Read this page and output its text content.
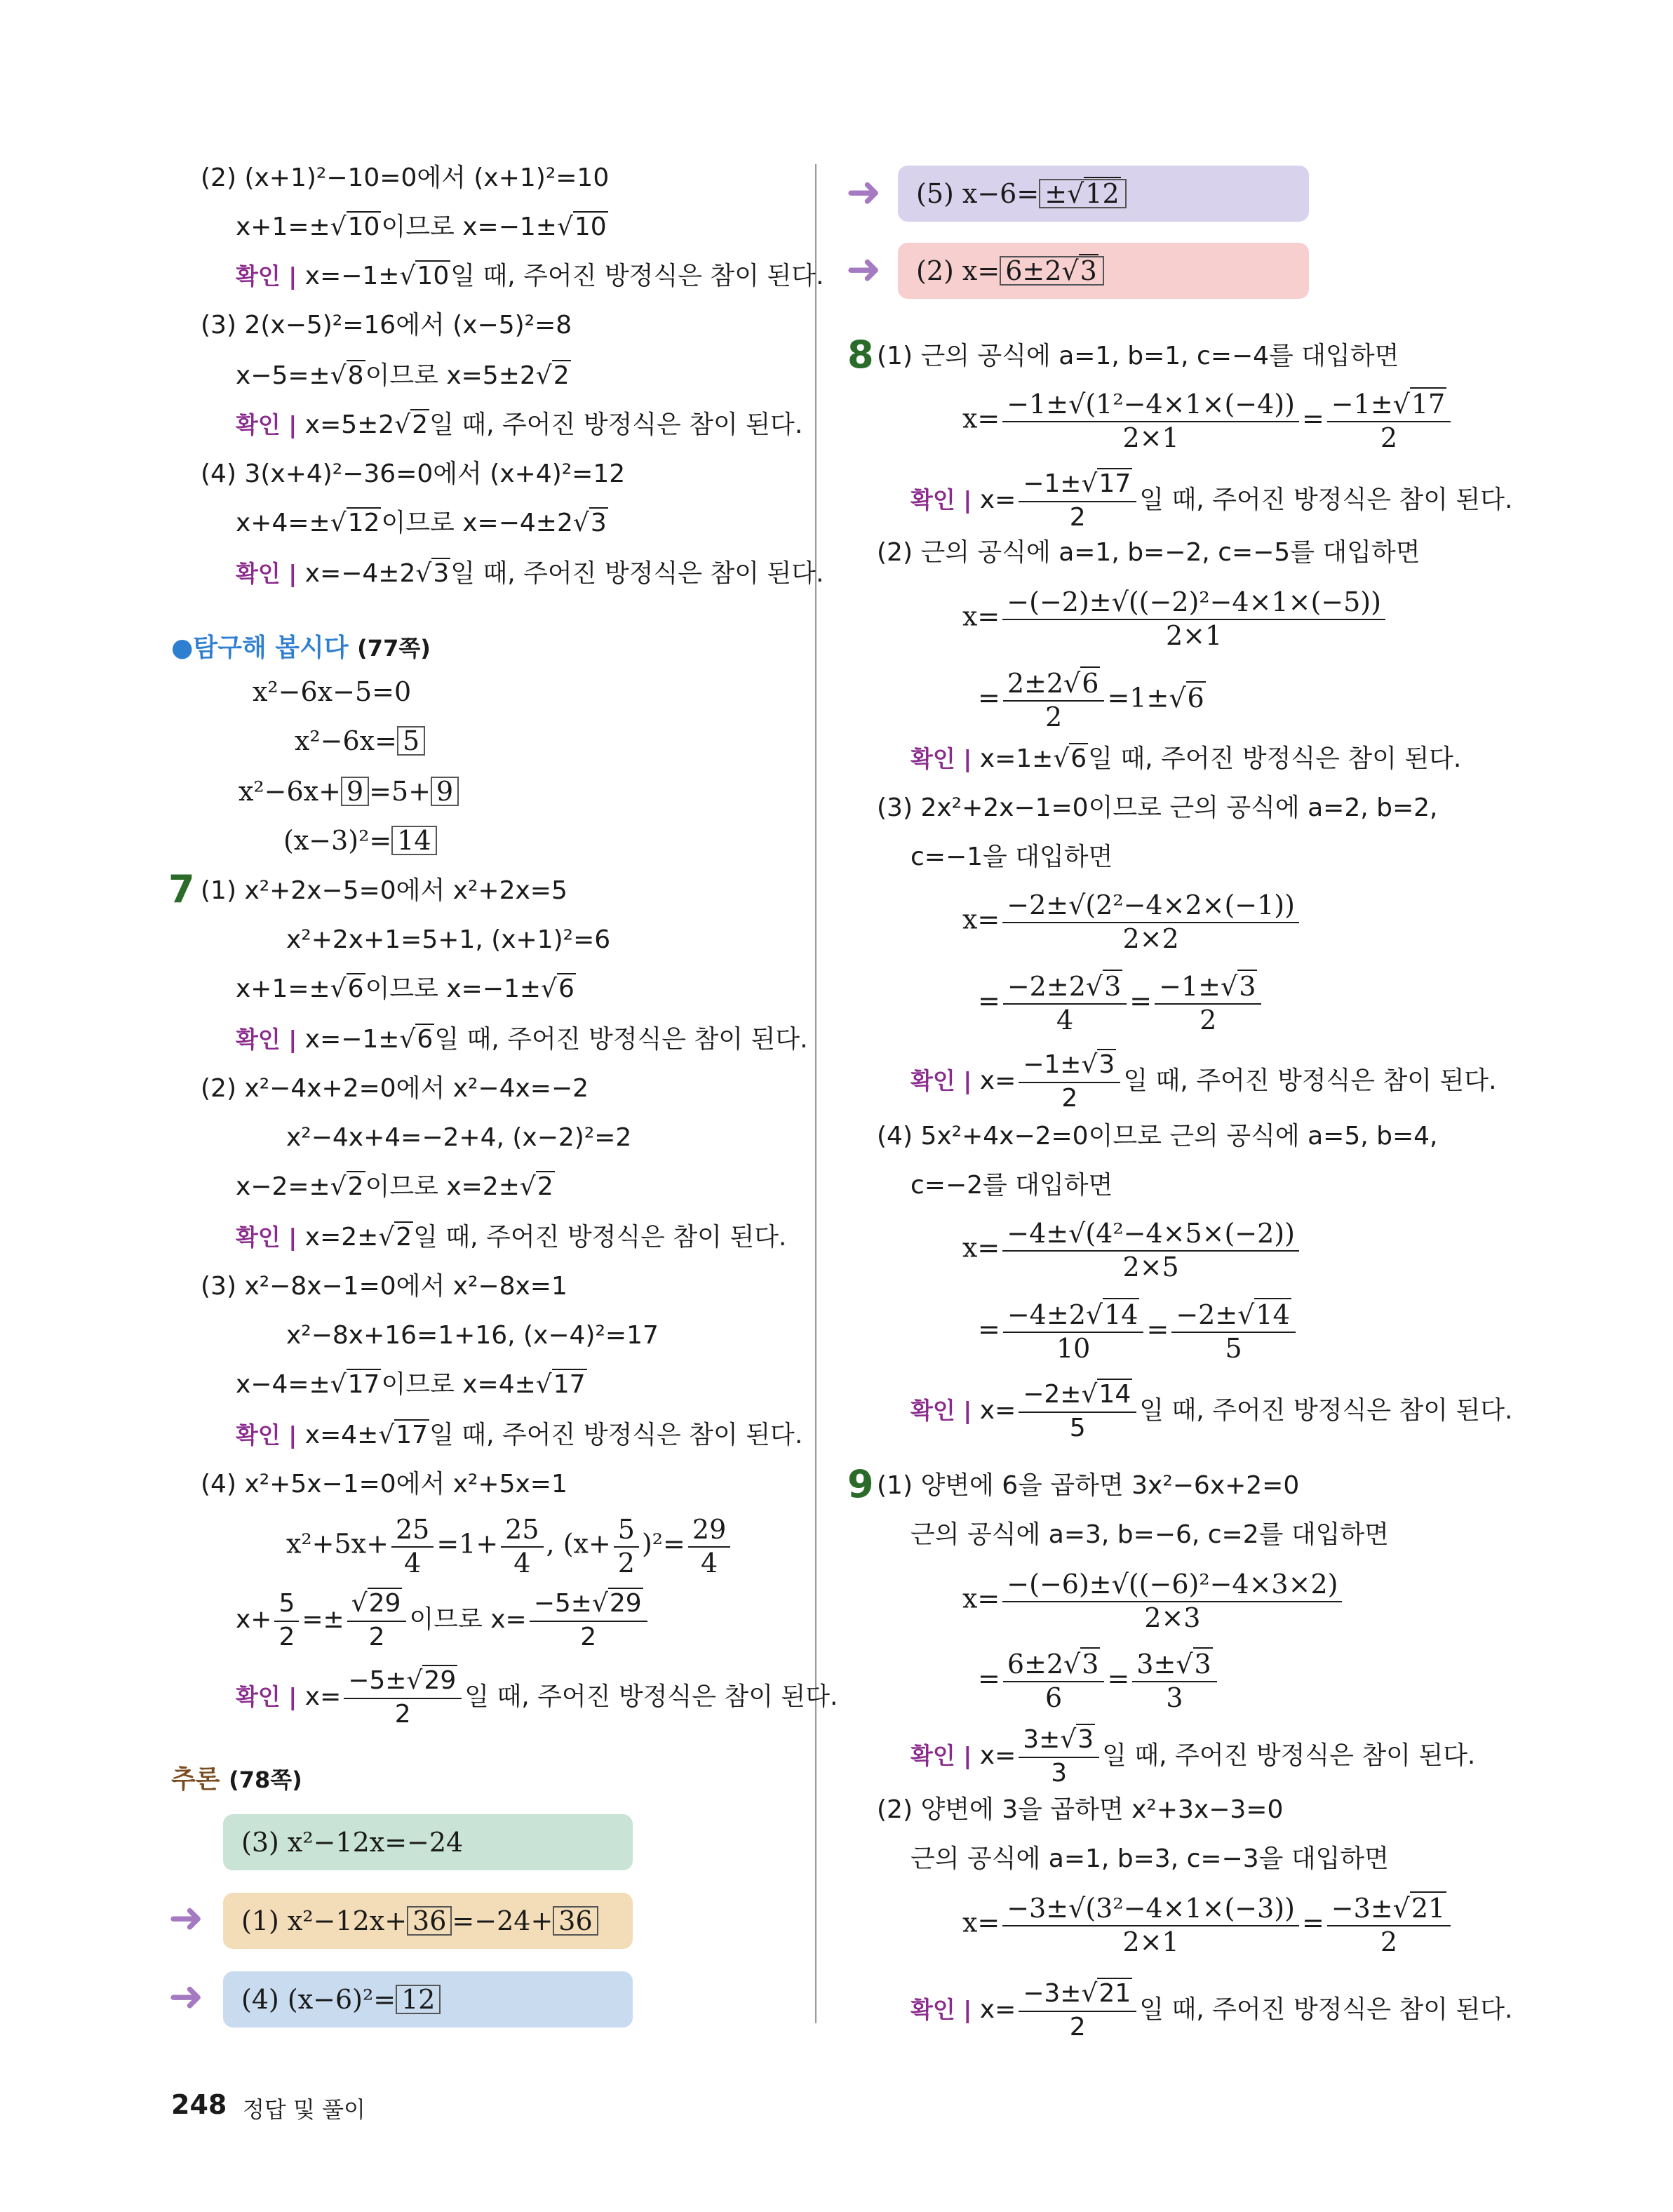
(2) (x+1)²−10=0에서 (x+1)²=10
x+1=±√ 10이므로 x=−1±√ 10
확인 | x=−1±√ 10일 때, 주어진 방정식은 참이 된다.
(3) 2(x−5)²=16에서 (x−5)²=8
x−5=±√ 8이므로 x=5±2√ 2
확인 | x=5±2√ 2일 때, 주어진 방정식은 참이 된다.
(4) 3(x+4)²−36=0에서 (x+4)²=12
x+4=±√ 12이므로 x=−4±2√ 3
확인 | x=−4±2√ 3일 때, 주어진 방정식은 참이 된다.
●탐구해 봅시다 (77쪽)
x²−6x−5=0
x²−6x= 5
x²−6x+ 9 =5+ 9
(x−3)²= 14
7 (1) x²+2x−5=0에서 x²+2x=5
x²+2x+1=5+1, (x+1)²=6
x+1=±√ 6이므로 x=−1±√ 6
확인 | x=−1±√ 6일 때, 주어진 방정식은 참이 된다.
(2) x²−4x+2=0에서 x²−4x=−2
x²−4x+4=−2+4, (x−2)²=2
x−2=±√ 2이므로 x=2±√ 2
확인 | x=2±√ 2일 때, 주어진 방정식은 참이 된다.
(3) x²−8x−1=0에서 x²−8x=1
x²−8x+16=1+16, (x−4)²=17
x−4=±√ 17이므로 x=4±√ 17
확인 | x=4±√ 17일 때, 주어진 방정식은 참이 된다.
(4) x²+5x−1=0에서 x²+5x=1
$x^2+5x+ \frac{25}{4} =1+ \frac{25}{4}$ , $(x+ \frac{5}{2} )^2= \frac{29}{4}$
$x+ \frac{5}{2}$ =±
√ $\frac{29}{2}$ 이므로 $x= \frac{-5\pm√ 29}{2}$
확인 | $x= \frac{-5\pm√ 29}{2}$ 일 때, 주어진 방정식은 참이 된다.
추론 (78쪽)
(3) x²−12x=−24
➜ (1) x²−12x+ 36 =−24+ 36
➜ (4) (x−6)²= 12
248 정답 및 풀이
➜ (5) x−6= ±√ 12
➜ (2) x= 6±2√ 3
8 (1) 근의 공식에 a=1, b=1, c=−4를 대입하면
$x= \frac{\text{−1±√(1²−4×1×(−4))}}{2\times 1} = \frac{-1\pm√ 17}{2}$
확인 | $x= \frac{-1\pm√ 17}{2}$ 일 때, 주어진 방정식은 참이 된다.
(2) 근의 공식에 a=1, b=−2, c=−5를 대입하면
$x= \frac{\text{−(−2)±√((−2)²−4×1×(−5))}}{2\times 1}$
= $\frac{2\pm 2√ 6}{2} =1\pm√$ 6
확인 | x=1±√ 6일 때, 주어진 방정식은 참이 된다.
(3) 2x²+2x−1=0이므로 근의 공식에 a=2, b=2,
c=−1을 대입하면
$x= \frac{\text{−2±√(2²−4×2×(−1))}}{2\times 2}$
= $\frac{-2\pm 2√ 3}{4} = \frac{-1\pm√ 3}{2}$
확인 | $x= \frac{-1\pm√ 3}{2}$ 일 때, 주어진 방정식은 참이 된다.
(4) 5x²+4x−2=0이므로 근의 공식에 a=5, b=4,
c=−2를 대입하면
$x= \frac{\text{−4±√(4²−4×5×(−2))}}{2\times 5}$
= $\frac{-4\pm 2√ 14}{10} = \frac{-2\pm√ 14}{5}$
확인 | $x= \frac{-2\pm√ 14}{5}$ 일 때, 주어진 방정식은 참이 된다.
9 (1) 양변에 6을 곱하면 3x²−6x+2=0
근의 공식에 a=3, b=−6, c=2를 대입하면
$x= \frac{\text{−(−6)±√((−6)²−4×3×2)}}{2\times 3}$
= $\frac{6\pm 2√ 3}{6} = \frac{3\pm√ 3}{3}$
확인 | $x= \frac{3\pm√ 3}{3}$ 일 때, 주어진 방정식은 참이 된다.
(2) 양변에 3을 곱하면 x²+3x−3=0
근의 공식에 a=1, b=3, c=−3을 대입하면
$x= \frac{\text{−3±√(3²−4×1×(−3))}}{2\times 1} = \frac{-3\pm√ 21}{2}$
확인 | $x= \frac{-3\pm√ 21}{2}$ 일 때, 주어진 방정식은 참이 된다.
